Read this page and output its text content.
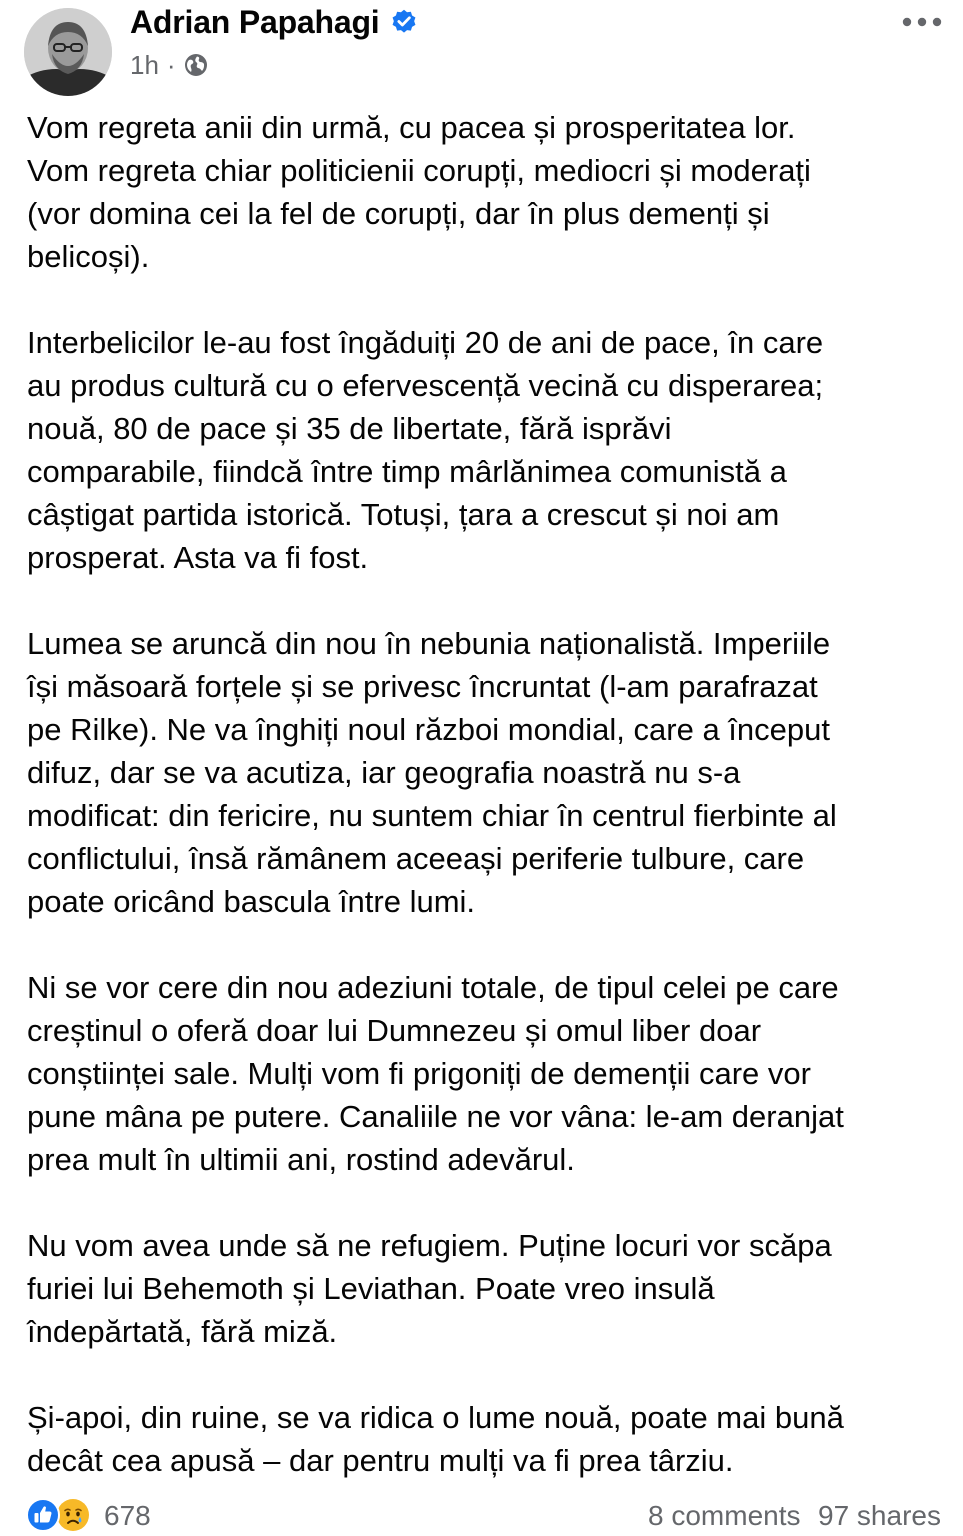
Adrian Papahagi
1h ·

Vom regreta anii din urmă, cu pacea și prosperitatea lor.
Vom regreta chiar politicienii corupți, mediocri și moderați
(vor domina cei la fel de corupți, dar în plus demenți și
belicoși).

Interbelicilor le-au fost îngăduiți 20 de ani de pace, în care
au produs cultură cu o efervescență vecină cu disperarea;
nouă, 80 de pace și 35 de libertate, fără isprăvi
comparabile, fiindcă între timp mârlănimea comunistă a
câștigat partida istorică. Totuși, țara a crescut și noi am
prosperat. Asta va fi fost.

Lumea se aruncă din nou în nebunia naționalistă. Imperiile
își măsoară forțele și se privesc încruntat (l-am parafrazat
pe Rilke). Ne va înghiți noul război mondial, care a început
difuz, dar se va acutiza, iar geografia noastră nu s-a
modificat: din fericire, nu suntem chiar în centrul fierbinte al
conflictului, însă rămânem aceeași periferie tulbure, care
poate oricând bascula între lumi.

Ni se vor cere din nou adeziuni totale, de tipul celei pe care
creștinul o oferă doar lui Dumnezeu și omul liber doar
conștiinței sale. Mulți vom fi prigoniți de demenții care vor
pune mâna pe putere. Canaliile ne vor vâna: le-am deranjat
prea mult în ultimii ani, rostind adevărul.

Nu vom avea unde să ne refugiem. Puține locuri vor scăpa
furiei lui Behemoth și Leviathan. Poate vreo insulă
îndepărtată, fără miză.

Și-apoi, din ruine, se va ridica o lume nouă, poate mai bună
decât cea apusă – dar pentru mulți va fi prea târziu.

678	8 comments 97 shares
